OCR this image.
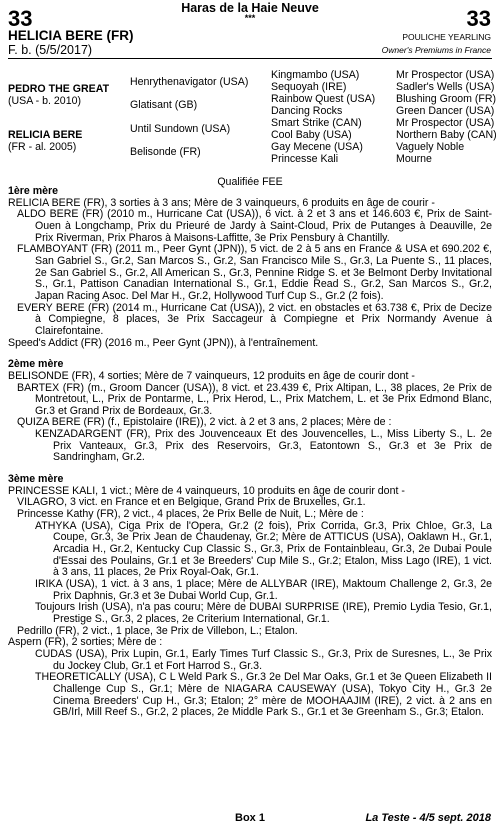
33	33
Haras de la Haie Neuve
***
HELICIA BERE (FR)
F. b. (5/5/2017)
POULICHE YEARLING
Owner's Premiums in France
PEDRO THE GREAT
(USA - b. 2010)
RELICIA BERE
(FR - al. 2005)
Henrythenavigator (USA)
Glatisant (GB)
Until Sundown (USA)
Belisonde (FR)
Kingmambo (USA)
Sequoyah (IRE)
Rainbow Quest (USA)
Dancing Rocks
Smart Strike (CAN)
Cool Baby (USA)
Gay Mecene (USA)
Princesse Kali
Mr Prospector (USA)
Sadler's Wells (USA)
Blushing Groom (FR)
Green Dancer (USA)
Mr Prospector (USA)
Northern Baby (CAN)
Vaguely Noble
Mourne
Qualifiée FEE

1ère mère

RELICIA BERE (FR), 3 sorties à 3 ans; Mère de 3 vainqueurs, 6 produits en âge de courir -

ALDO BERE (FR) (2010 m., Hurricane Cat (USA)), 6 vict. à 2 et 3 ans et 146.603 €, Prix de Saint-Ouen à Longchamp, Prix du Prieuré de Jardy à Saint-Cloud, Prix de Putanges à Deauville, 2e Prix Riverman, Prix Pharos à Maisons-Laffitte, 3e Prix Pensbury à Chantilly.

FLAMBOYANT (FR) (2011 m., Peer Gynt (JPN)), 5 vict. de 2 à 5 ans en France & USA et 690.202 €, San Gabriel S., Gr.2, San Marcos S., Gr.2, San Francisco Mile S., Gr.3, La Puente S., 11 places, 2e San Gabriel S., Gr.2, All American S., Gr.3, Pennine Ridge S. et 3e Belmont Derby Invitational S., Gr.1, Pattison Canadian International S., Gr.1, Eddie Read S., Gr.2, San Marcos S., Gr.2, Japan Racing Asoc. Del Mar H., Gr.2, Hollywood Turf Cup S., Gr.2 (2 fois).

EVERY BERE (FR) (2014 m., Hurricane Cat (USA)), 2 vict. en obstacles et 63.738 €, Prix de Decize à Compiegne, 8 places, 3e Prix Saccageur à Compiegne et Prix Normandy Avenue à Clairefontaine.

Speed's Addict (FR) (2016 m., Peer Gynt (JPN)), à l'entraînement.

2ème mère

BELISONDE (FR), 4 sorties; Mère de 7 vainqueurs, 12 produits en âge de courir dont -

BARTEX (FR) (m., Groom Dancer (USA)), 8 vict. et 23.439 €, Prix Altipan, L., 38 places, 2e Prix de Montretout, L., Prix de Pontarme, L., Prix Herod, L., Prix Matchem, L. et 3e Prix Edmond Blanc, Gr.3 et Grand Prix de Bordeaux, Gr.3.

QUIZA BERE (FR) (f., Epistolaire (IRE)), 2 vict. à 2 et 3 ans, 2 places; Mère de :

KENZADARGENT (FR), Prix des Jouvenceaux Et des Jouvencelles, L., Miss Liberty S., L. 2e Prix Vanteaux, Gr.3, Prix des Reservoirs, Gr.3, Eatontown S., Gr.3 et 3e Prix de Sandringham, Gr.2.

3ème mère

PRINCESSE KALI, 1 vict.; Mère de 4 vainqueurs, 10 produits en âge de courir dont -

VILAGRO, 3 vict. en France et en Belgique, Grand Prix de Bruxelles, Gr.1.

Princesse Kathy (FR), 2 vict., 4 places, 2e Prix Belle de Nuit, L.; Mère de :

ATHYKA (USA), Ciga Prix de l'Opera, Gr.2 (2 fois), Prix Corrida, Gr.3, Prix Chloe, Gr.3, La Coupe, Gr.3, 3e Prix Jean de Chaudenay, Gr.2; Mère de ATTICUS (USA), Oaklawn H., Gr.1, Arcadia H., Gr.2, Kentucky Cup Classic S., Gr.3, Prix de Fontainbleau, Gr.3, 2e Dubai Poule d'Essai des Poulains, Gr.1 et 3e Breeders' Cup Mile S., Gr.2; Etalon, Miss Lago (IRE), 1 vict. à 3 ans, 11 places, 2e Prix Royal-Oak, Gr.1.

IRIKA (USA), 1 vict. à 3 ans, 1 place; Mère de ALLYBAR (IRE), Maktoum Challenge 2, Gr.3, 2e Prix Daphnis, Gr.3 et 3e Dubai World Cup, Gr.1.

Toujours Irish (USA), n'a pas couru; Mère de DUBAI SURPRISE (IRE), Premio Lydia Tesio, Gr.1, Prestige S., Gr.3, 2 places, 2e Criterium International, Gr.1.

Pedrillo (FR), 2 vict., 1 place, 3e Prix de Villebon, L.; Etalon.

Aspern (FR), 2 sorties; Mère de :

CUDAS (USA), Prix Lupin, Gr.1, Early Times Turf Classic S., Gr.3, Prix de Suresnes, L., 3e Prix du Jockey Club, Gr.1 et Fort Harrod S., Gr.3.

THEORETICALLY (USA), C L Weld Park S., Gr.3 2e Del Mar Oaks, Gr.1 et 3e Queen Elizabeth II Challenge Cup S., Gr.1; Mère de NIAGARA CAUSEWAY (USA), Tokyo City H., Gr.3 2e Cinema Breeders' Cup H., Gr.3; Etalon; 2° mère de MOOHAAJIM (IRE), 2 vict. à 2 ans en GB/Irl, Mill Reef S., Gr.2, 2 places, 2e Middle Park S., Gr.1 et 3e Greenham S., Gr.3; Etalon.

Box 1	La Teste - 4/5 sept. 2018
